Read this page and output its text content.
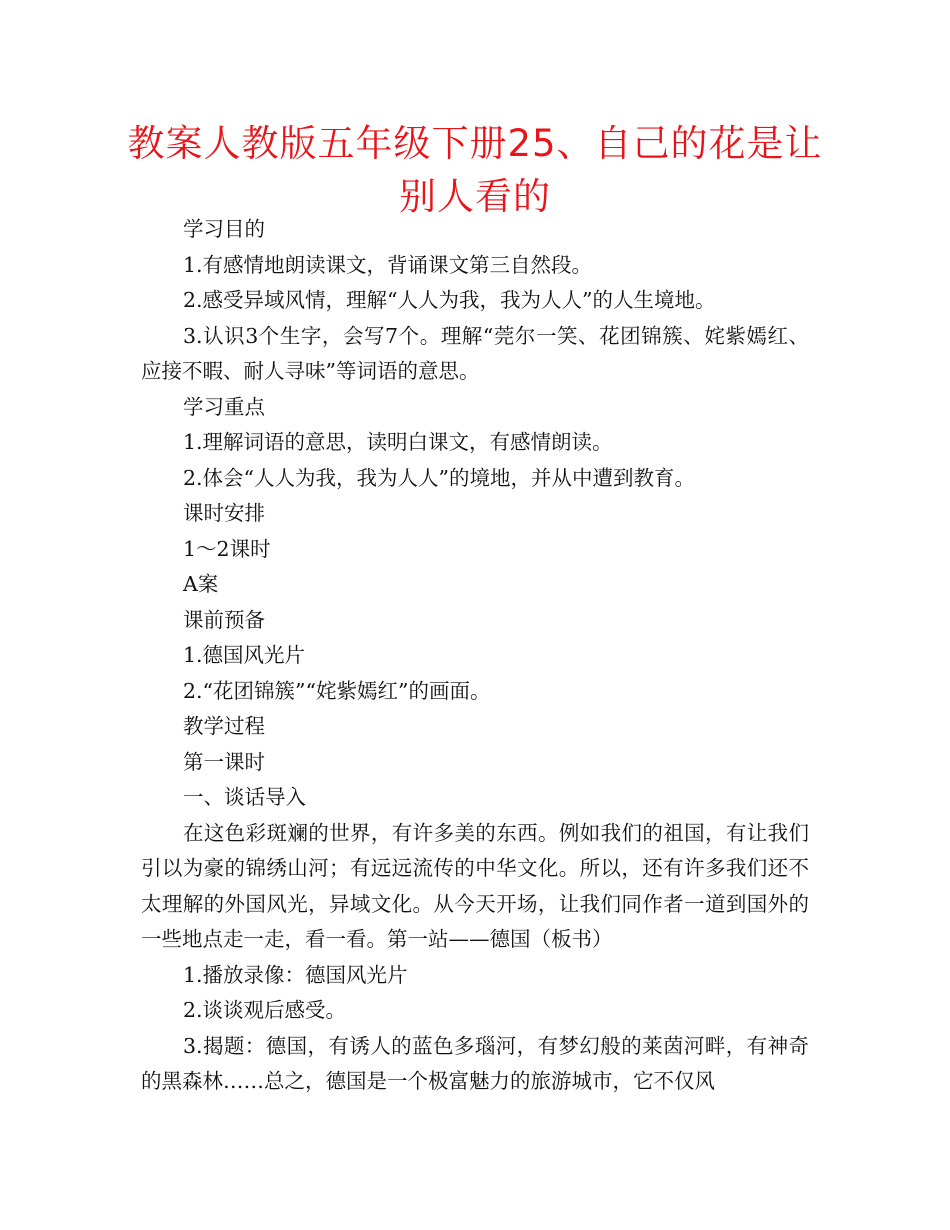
教案人教版五年级下册25、自己的花是让别人看的

学习目的

1.有感情地朗读课文，背诵课文第三自然段。

2.感受异域风情，理解“人人为我，我为人人”的人生境地。

3.认识3个生字，会写7个。理解“莞尔一笑、花团锦簇、姹紫嫣红、应接不暇、耐人寻味”等词语的意思。

学习重点

1.理解词语的意思，读明白课文，有感情朗读。

2.体会“人人为我，我为人人”的境地，并从中遭到教育。

课时安排

1～2课时

A案

课前预备

1.德国风光片

2.“花团锦簇”“姹紫嫣红”的画面。

教学过程

第一课时

一、谈话导入

在这色彩斑斓的世界，有许多美的东西。例如我们的祖国，有让我们引以为豪的锦绣山河；有远远流传的中华文化。所以，还有许多我们还不太理解的外国风光，异域文化。从今天开场，让我们同作者一道到国外的一些地点走一走，看一看。第一站——德国（板书）

1.播放录像：德国风光片

2.谈谈观后感受。

3.揭题：德国，有诱人的蓝色多瑙河，有梦幻般的莱茵河畔，有神奇的黑森林……总之，德国是一个极富魅力的旅游城市，它不仅风
